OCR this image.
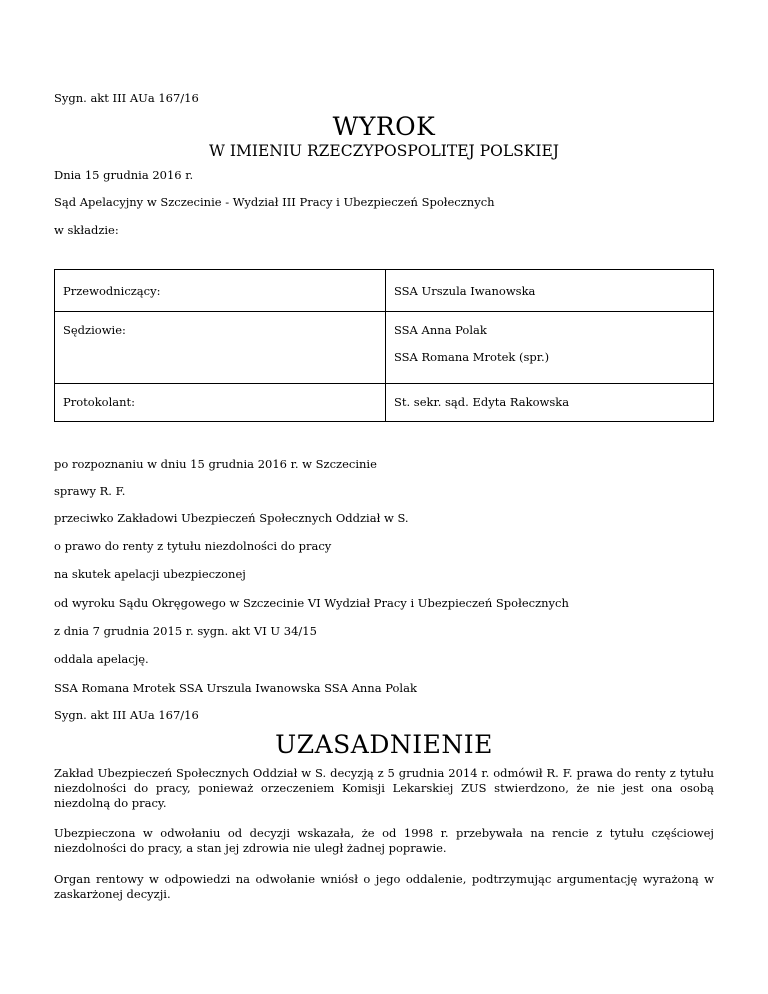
Sygn. akt III AUa 167/16
WYROK
W IMIENIU RZECZYPOSPOLITEJ POLSKIEJ
Dnia 15 grudnia 2016 r.
Sąd Apelacyjny w Szczecinie - Wydział III Pracy i Ubezpieczeń Społecznych
w składzie:
Przewodniczący:	SSA Urszula Iwanowska

Sędziowie:	SSA Anna Polak
SSA Romana Mrotek (spr.)

Protokolant:	St. sekr. sąd. Edyta Rakowska
po rozpoznaniu w dniu 15 grudnia 2016 r. w Szczecinie
sprawy R. F.
przeciwko Zakładowi Ubezpieczeń Społecznych Oddział w S.
o prawo do renty z tytułu niezdolności do pracy
na skutek apelacji ubezpieczonej
od wyroku Sądu Okręgowego w Szczecinie VI Wydział Pracy i Ubezpieczeń Społecznych
z dnia 7 grudnia 2015 r. sygn. akt VI U 34/15
oddala apelację.
SSA Romana Mrotek SSA Urszula Iwanowska SSA Anna Polak
Sygn. akt III AUa 167/16
UZASADNIENIE
Zakład Ubezpieczeń Społecznych Oddział w S. decyzją z 5 grudnia 2014 r. odmówił R. F. prawa do renty z tytułu niezdolności do pracy, ponieważ orzeczeniem Komisji Lekarskiej ZUS stwierdzono, że nie jest ona osobą niezdolną do pracy.
Ubezpieczona w odwołaniu od decyzji wskazała, że od 1998 r. przebywała na rencie z tytułu częściowej niezdolności do pracy, a stan jej zdrowia nie uległ żadnej poprawie.
Organ rentowy w odpowiedzi na odwołanie wniósł o jego oddalenie, podtrzymując argumentację wyrażoną w zaskarżonej decyzji.
